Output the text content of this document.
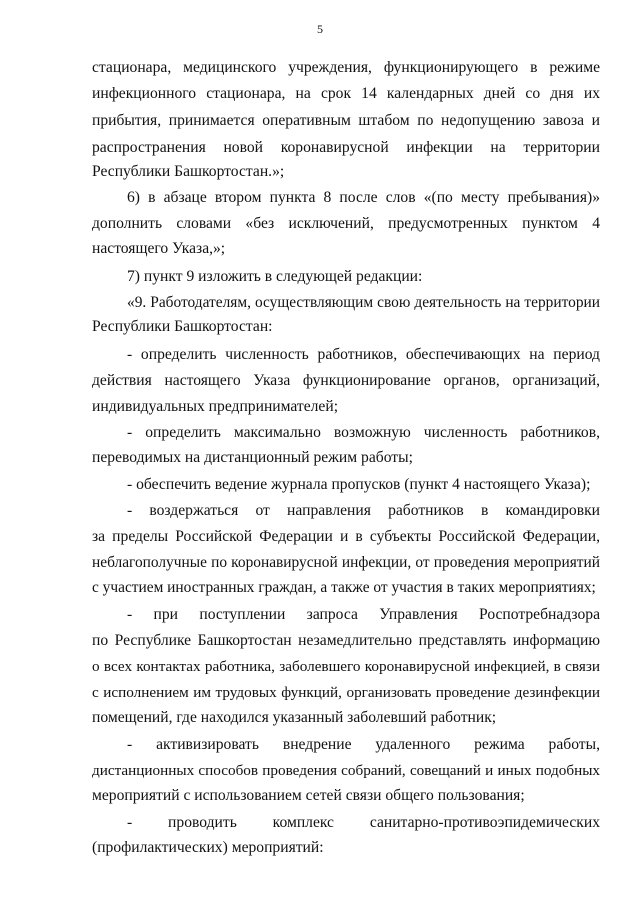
5
стационара, медицинского учреждения, функционирующего в режиме
инфекционного стационара, на срок 14 календарных дней со дня их
прибытия, принимается оперативным штабом по недопущению завоза и
распространения новой коронавирусной инфекции на территории
Республики Башкортостан.»;
6) в абзаце втором пункта 8 после слов «(по месту пребывания)»
дополнить словами «без исключений, предусмотренных пунктом 4
настоящего Указа,»;
7) пункт 9 изложить в следующей редакции:
«9. Работодателям, осуществляющим свою деятельность на территории
Республики Башкортостан:
- определить численность работников, обеспечивающих на период
действия настоящего Указа функционирование органов, организаций,
индивидуальных предпринимателей;
- определить максимально возможную численность работников,
переводимых на дистанционный режим работы;
- обеспечить ведение журнала пропусков (пункт 4 настоящего Указа);
- воздержаться от направления работников в командировки
за пределы Российской Федерации и в субъекты Российской Федерации,
неблагополучные по коронавирусной инфекции, от проведения мероприятий
с участием иностранных граждан, а также от участия в таких мероприятиях;
- при поступлении запроса Управления Роспотребнадзора
по Республике Башкортостан незамедлительно представлять информацию
о всех контактах работника, заболевшего коронавирусной инфекцией, в связи
с исполнением им трудовых функций, организовать проведение дезинфекции
помещений, где находился указанный заболевший работник;
- активизировать внедрение удаленного режима работы,
дистанционных способов проведения собраний, совещаний и иных подобных
мероприятий с использованием сетей связи общего пользования;
- проводить комплекс санитарно-противоэпидемических
(профилактических) мероприятий:
